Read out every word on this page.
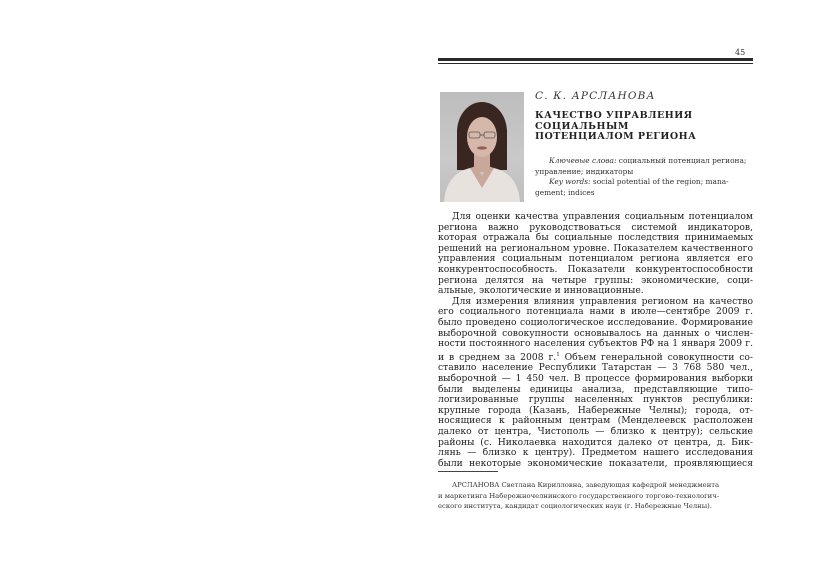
45
С. К. АРСЛАНОВА
КАЧЕСТВО УПРАВЛЕНИЯ
СОЦИАЛЬНЫМ
ПОТЕНЦИАЛОМ РЕГИОНА
Ключевые слова: социальный потенциал региона;
управление; индикаторы
Key words: social potential of the region; mana-
gement; indices
Для оценки качества управления социальным потенциалом
региона важно руководствоваться системой индикаторов,
которая отражала бы социальные последствия принимаемых
решений на региональном уровне. Показателем качественного
управления социальным потенциалом региона является его
конкурентоспособность. Показатели конкурентоспособности
региона делятся на четыре группы: экономические, соци-
альные, экологические и инновационные.
Для измерения влияния управления регионом на качество
его социального потенциала нами в июле—сентябре 2009 г.
было проведено социологическое исследование. Формирование
выборочной совокупности основывалось на данных о числен-
ности постоянного населения субъектов РФ на 1 января 2009 г.
и в среднем за 2008 г.$^1$ Объем генеральной совокупности со-
ставило население Республики Татарстан — 3 768 580 чел.,
выборочной — 1 450 чел. В процессе формирования выборки
были выделены единицы анализа, представляющие типо-
логизированные группы населенных пунктов республики:
крупные города (Казань, Набережные Челны); города, от-
носящиеся к районным центрам (Менделеевск расположен
далеко от центра, Чистополь — близко к центру); сельские
районы (с. Николаевка находится далеко от центра, д. Бик-
лянь — близко к центру). Предметом нашего исследования
были некоторые экономические показатели, проявляющиеся
АРСЛАНОВА Светлана Кирилловна, заведующая кафедрой менеджмента
и маркетинга Набережночелнинского государственного торгово-технологич-
еского института, кандидат социологических наук (г. Набережные Челны).
